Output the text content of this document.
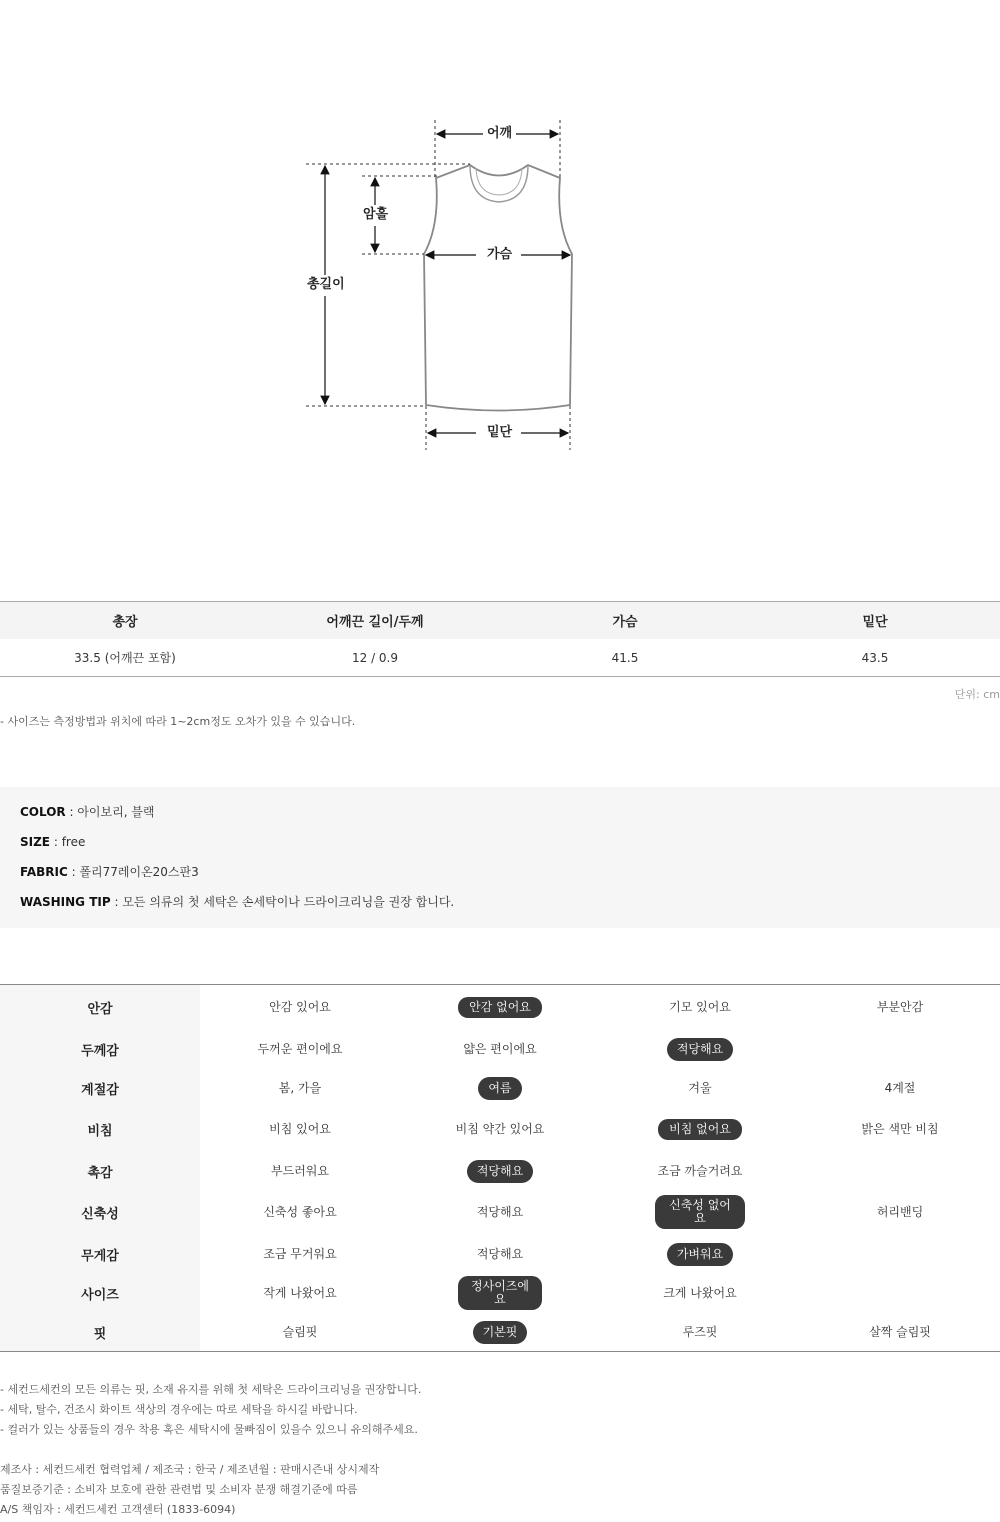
어깨
암홀
총길이
가슴
밑단
총장	어깨끈 길이/두께	가슴	밑단
33.5 (어깨끈 포함)	12 / 0.9	41.5	43.5
단위: cm
- 사이즈는 측정방법과 위치에 따라 1~2cm정도 오차가 있을 수 있습니다.
COLOR : 아이보리, 블랙
SIZE : free
FABRIC : 폴리77레이온20스판3
WASHING TIP : 모든 의류의 첫 세탁은 손세탁이나 드라이크리닝을 권장 합니다.
안감	안감 있어요	안감 없어요	기모 있어요	부분안감
두께감	두꺼운 편이에요	얇은 편이에요	적당해요
계절감	봄, 가을	여름	겨울	4계절
비침	비침 있어요	비침 약간 있어요	비침 없어요	밝은 색만 비침
촉감	부드러워요	적당해요	조금 까슬거려요
신축성	신축성 좋아요	적당해요	신축성 없어요	허리밴딩
무게감	조금 무거워요	적당해요	가벼워요
사이즈	작게 나왔어요	정사이즈에요	크게 나왔어요
핏	슬림핏	기본핏	루즈핏	살짝 슬림핏
- 세컨드세컨의 모든 의류는 핏, 소재 유지를 위해 첫 세탁은 드라이크리닝을 권장합니다.
- 세탁, 탈수, 건조시 화이트 색상의 경우에는 따로 세탁을 하시길 바랍니다.
- 컬러가 있는 상품들의 경우 착용 혹은 세탁시에 물빠짐이 있을수 있으니 유의해주세요.
제조사 : 세컨드세컨 협력업체 / 제조국 : 한국 / 제조년월 : 판매시즌내 상시제작
품질보증기준 : 소비자 보호에 관한 관련법 및 소비자 분쟁 해결기준에 따름
A/S 책임자 : 세컨드세컨 고객센터 (1833-6094)
